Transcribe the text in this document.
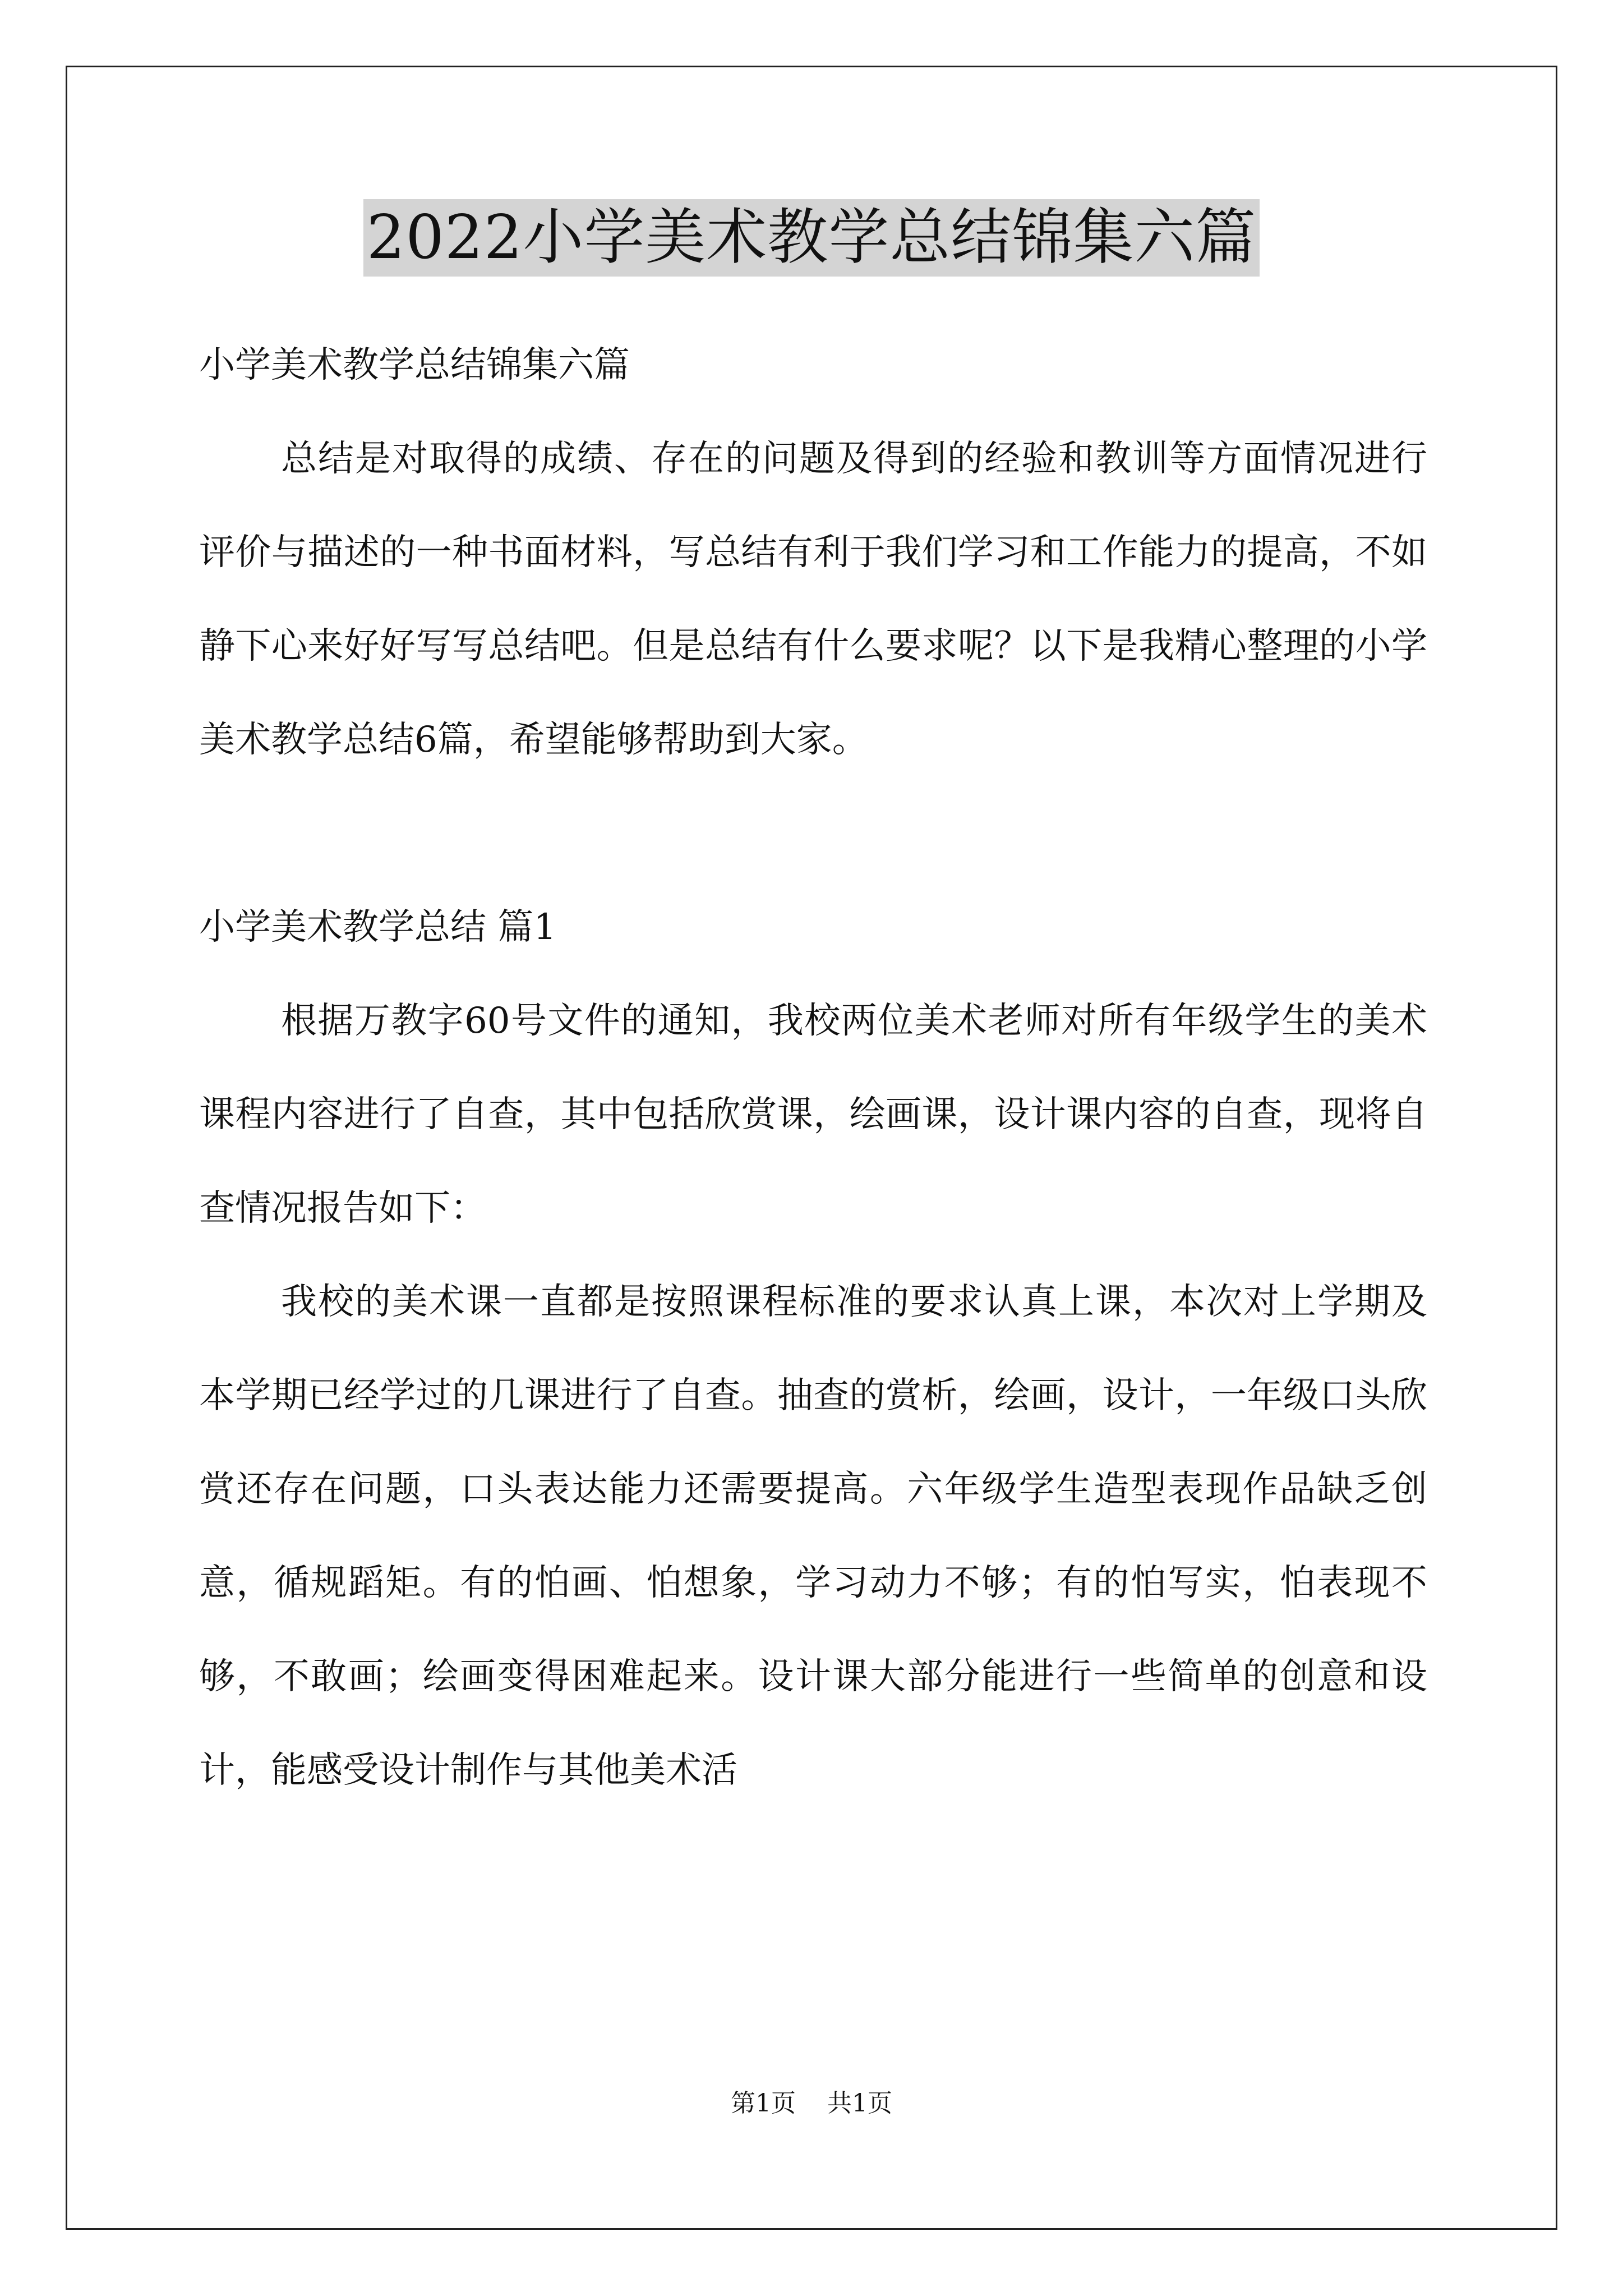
2022小学美术教学总结锦集六篇

小学美术教学总结锦集六篇

总结是对取得的成绩、存在的问题及得到的经验和教训等方面情况进行评价与描述的一种书面材料，写总结有利于我们学习和工作能力的提高，不如静下心来好好写写总结吧。但是总结有什么要求呢？以下是我精心整理的小学美术教学总结6篇，希望能够帮助到大家。

小学美术教学总结 篇1

根据万教字60号文件的通知，我校两位美术老师对所有年级学生的美术课程内容进行了自查，其中包括欣赏课，绘画课，设计课内容的自查，现将自查情况报告如下：

我校的美术课一直都是按照课程标准的要求认真上课，本次对上学期及本学期已经学过的几课进行了自查。抽查的赏析，绘画，设计，一年级口头欣赏还存在问题，口头表达能力还需要提高。六年级学生造型表现作品缺乏创意，循规蹈矩。有的怕画、怕想象，学习动力不够；有的怕写实，怕表现不够，不敢画；绘画变得困难起来。设计课大部分能进行一些简单的创意和设计，能感受设计制作与其他美术活

第1页 共1页
